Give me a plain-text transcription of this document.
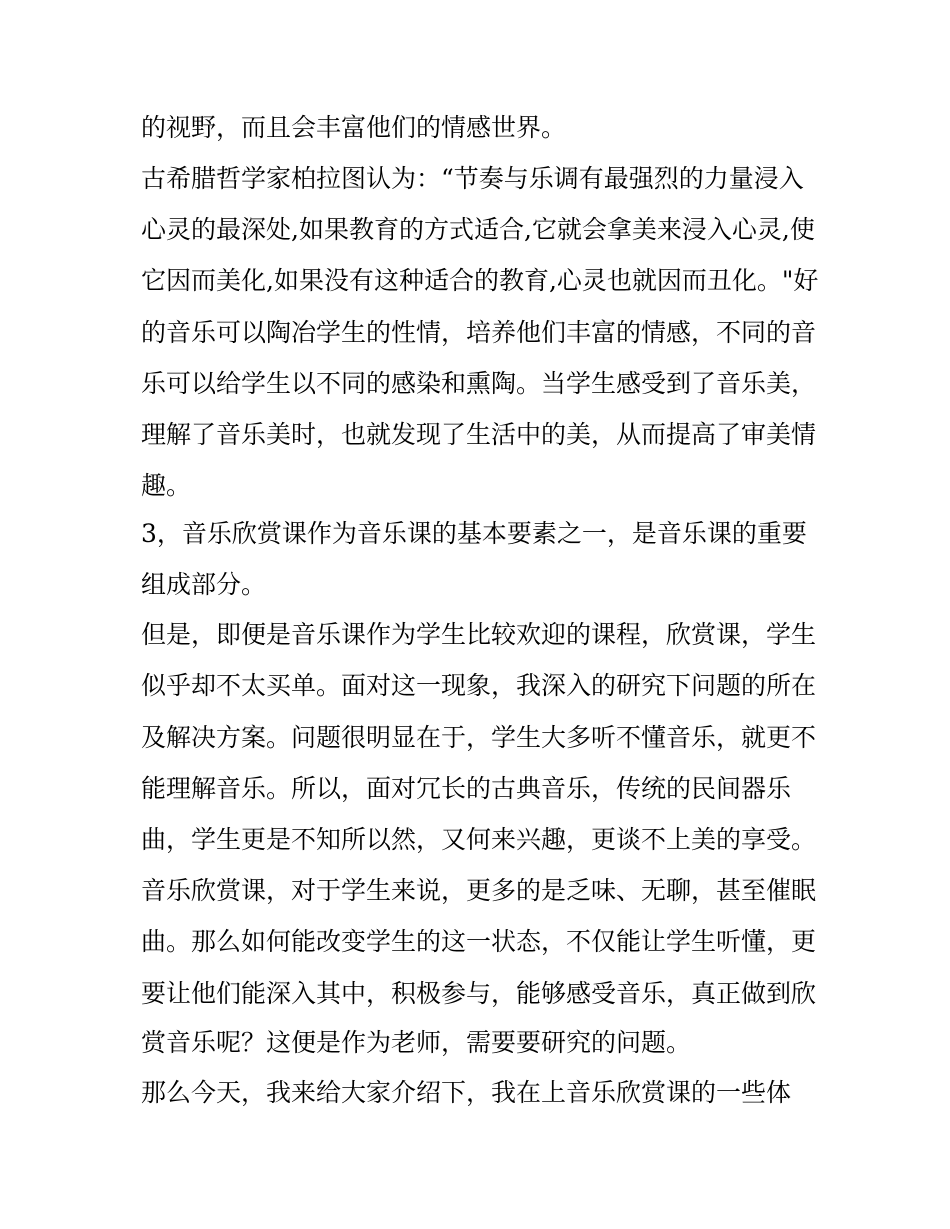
的视野，而且会丰富他们的情感世界。
古希腊哲学家柏拉图认为：“节奏与乐调有最强烈的力量浸入
心灵的最深处,如果教育的方式适合,它就会拿美来浸入心灵,使
它因而美化,如果没有这种适合的教育,心灵也就因而丑化。"好
的音乐可以陶冶学生的性情，培养他们丰富的情感，不同的音
乐可以给学生以不同的感染和熏陶。当学生感受到了音乐美，
理解了音乐美时，也就发现了生活中的美，从而提高了审美情
趣。
3，音乐欣赏课作为音乐课的基本要素之一，是音乐课的重要
组成部分。
但是，即便是音乐课作为学生比较欢迎的课程，欣赏课，学生
似乎却不太买单。面对这一现象，我深入的研究下问题的所在
及解决方案。问题很明显在于，学生大多听不懂音乐，就更不
能理解音乐。所以，面对冗长的古典音乐，传统的民间器乐
曲，学生更是不知所以然，又何来兴趣，更谈不上美的享受。
音乐欣赏课，对于学生来说，更多的是乏味、无聊，甚至催眠
曲。那么如何能改变学生的这一状态，不仅能让学生听懂，更
要让他们能深入其中，积极参与，能够感受音乐，真正做到欣
赏音乐呢？这便是作为老师，需要要研究的问题。
那么今天，我来给大家介绍下，我在上音乐欣赏课的一些体
